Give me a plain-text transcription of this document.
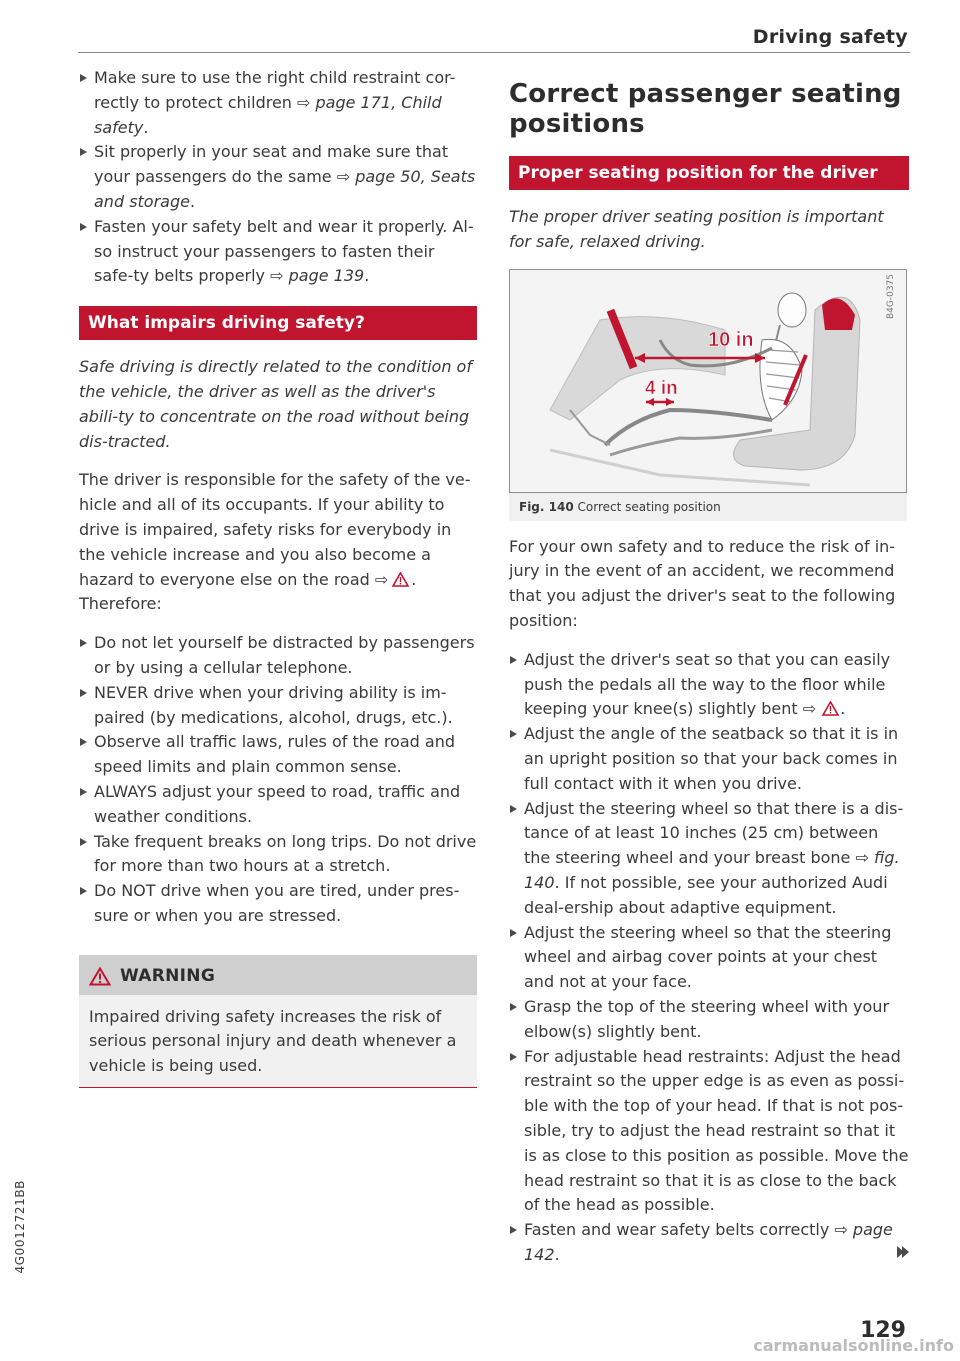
Driving safety
Make sure to use the right child restraint cor-rectly to protect children ⇨ page 171, Child safety.
Sit properly in your seat and make sure that your passengers do the same ⇨ page 50, Seats and storage.
Fasten your safety belt and wear it properly. Al-so instruct your passengers to fasten their safe-ty belts properly ⇨ page 139.
What impairs driving safety?

Safe driving is directly related to the condition of the vehicle, the driver as well as the driver's abili-ty to concentrate on the road without being dis-tracted.

The driver is responsible for the safety of the ve-hicle and all of its occupants. If your ability to drive is impaired, safety risks for everybody in the vehicle increase and you also become a hazard to everyone else on the road ⇨ . Therefore:

Do not let yourself be distracted by passengers or by using a cellular telephone.
NEVER drive when your driving ability is im-paired (by medications, alcohol, drugs, etc.).
Observe all traffic laws, rules of the road and speed limits and plain common sense.
ALWAYS adjust your speed to road, traffic and weather conditions.
Take frequent breaks on long trips. Do not drive for more than two hours at a stretch.
Do NOT drive when you are tired, under pres-sure or when you are stressed.
WARNING
Impaired driving safety increases the risk of serious personal injury and death whenever a vehicle is being used.
Correct passenger seating positions
Proper seating position for the driver

The proper driver seating position is important for safe, relaxed driving.

10 in
4 in
B4G-0375
Fig. 140 Correct seating position

For your own safety and to reduce the risk of in-jury in the event of an accident, we recommend that you adjust the driver's seat to the following position:

Adjust the driver's seat so that you can easily push the pedals all the way to the floor while keeping your knee(s) slightly bent ⇨ .
Adjust the angle of the seatback so that it is in an upright position so that your back comes in full contact with it when you drive.
Adjust the steering wheel so that there is a dis-tance of at least 10 inches (25 cm) between the steering wheel and your breast bone ⇨ fig. 140. If not possible, see your authorized Audi deal-ership about adaptive equipment.
Adjust the steering wheel so that the steering wheel and airbag cover points at your chest and not at your face.
Grasp the top of the steering wheel with your elbow(s) slightly bent.
For adjustable head restraints: Adjust the head restraint so the upper edge is as even as possi-ble with the top of your head. If that is not pos-sible, try to adjust the head restraint so that it is as close to this position as possible. Move the head restraint so that it is as close to the back of the head as possible.
Fasten and wear safety belts correctly ⇨ page 142.
4G0012721BB
129
carmanualsonline.info
